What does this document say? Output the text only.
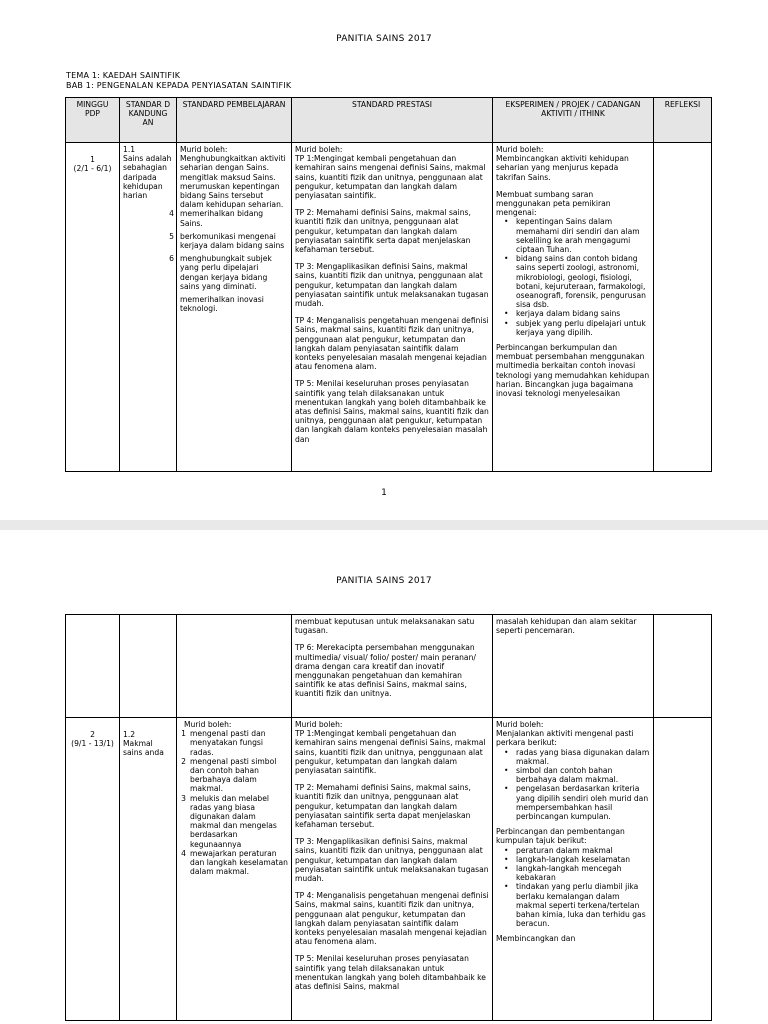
PANITIA SAINS 2017
TEMA 1: KAEDAH SAINTIFIK
BAB 1: PENGENALAN KEPADA PENYIASATAN SAINTIFIK
MINGGU PDP
STANDAR D KANDUNG AN
STANDARD PEMBELAJARAN	STANDARD PRESTASI	EKSPERIMEN / PROJEK / CADANGAN AKTIVITI / ITHINK
REFLEKSI
1
(2/1 - 6/1)
1.1
Sains adalah sebahagian daripada kehidupan harian
Murid boleh:
Menghubungkaitkan aktiviti seharian dengan Sains.
mengitlak maksud Sains.
merumuskan kepentingan bidang Sains tersebut dalam kehidupan seharian.
4 memerihalkan bidang Sains.
5 berkomunikasi mengenai kerjaya dalam bidang sains
6 menghubungkait subjek yang perlu dipelajari dengan kerjaya bidang sains yang diminati.
memerihalkan inovasi teknologi.
Murid boleh:
TP 1:Mengingat kembali pengetahuan dan kemahiran sains mengenai definisi Sains, makmal sains, kuantiti fizik dan unitnya, penggunaan alat pengukur, ketumpatan dan langkah dalam penyiasatan saintifik.
TP 2: Memahami definisi Sains, makmal sains, kuantiti fizik dan unitnya, penggunaan alat pengukur, ketumpatan dan langkah dalam penyiasatan saintifik serta dapat menjelaskan kefahaman tersebut.
TP 3: Mengaplikasikan definisi Sains, makmal sains, kuantiti fizik dan unitnya, penggunaan alat pengukur, ketumpatan dan langkah dalam penyiasatan saintifik untuk melaksanakan tugasan mudah.
TP 4: Menganalisis pengetahuan mengenai definisi Sains, makmal sains, kuantiti fizik dan unitnya, penggunaan alat pengukur, ketumpatan dan langkah dalam penyiasatan saintifik dalam konteks penyelesaian masalah mengenai kejadian atau fenomena alam.
TP 5: Menilai keseluruhan proses penyiasatan saintifik yang telah dilaksanakan untuk menentukan langkah yang boleh ditambahbaik ke atas definisi Sains, makmal sains, kuantiti fizik dan unitnya, penggunaan alat pengukur, ketumpatan dan langkah dalam konteks penyelesaian masalah dan
Murid boleh:
Membincangkan aktiviti kehidupan seharian yang menjurus kepada takrifan Sains.
Membuat sumbang saran menggunakan peta pemikiran mengenai:
• kepentingan Sains dalam memahami diri sendiri dan alam sekeliling ke arah mengagumi ciptaan Tuhan.
• bidang sains dan contoh bidang sains seperti zoologi, astronomi, mikrobiologi, geologi, fisiologi, botani, kejuruteraan, farmakologi, oseanografi, forensik, pengurusan sisa dsb.
• kerjaya dalam bidang sains
• subjek yang perlu dipelajari untuk kerjaya yang dipilih.
Perbincangan berkumpulan dan membuat persembahan menggunakan multimedia berkaitan contoh inovasi teknologi yang memudahkan kehidupan harian. Bincangkan juga bagaimana inovasi teknologi menyelesaikan
1
PANITIA SAINS 2017
membuat keputusan untuk melaksanakan satu tugasan.
TP 6: Merekacipta persembahan menggunakan multimedia/ visual/ folio/ poster/ main peranan/ drama dengan cara kreatif dan inovatif menggunakan pengetahuan dan kemahiran saintifik ke atas definisi Sains, makmal sains, kuantiti fizik dan unitnya.
masalah kehidupan dan alam sekitar seperti pencemaran.
2
(9/1 - 13/1)
1.2
Makmal sains anda
Murid boleh:
1 mengenal pasti dan menyatakan fungsi radas.
2 mengenal pasti simbol dan contoh bahan berbahaya dalam makmal.
3 melukis dan melabel radas yang biasa digunakan dalam makmal dan mengelas berdasarkan kegunaannya
4 mewajarkan peraturan dan langkah keselamatan dalam makmal.
Murid boleh:
TP 1:Mengingat kembali pengetahuan dan kemahiran sains mengenai definisi Sains, makmal sains, kuantiti fizik dan unitnya, penggunaan alat pengukur, ketumpatan dan langkah dalam penyiasatan saintifik.
TP 2: Memahami definisi Sains, makmal sains, kuantiti fizik dan unitnya, penggunaan alat pengukur, ketumpatan dan langkah dalam penyiasatan saintifik serta dapat menjelaskan kefahaman tersebut.
TP 3: Mengaplikasikan definisi Sains, makmal sains, kuantiti fizik dan unitnya, penggunaan alat pengukur, ketumpatan dan langkah dalam penyiasatan saintifik untuk melaksanakan tugasan mudah.
TP 4: Menganalisis pengetahuan mengenai definisi Sains, makmal sains, kuantiti fizik dan unitnya, penggunaan alat pengukur, ketumpatan dan langkah dalam penyiasatan saintifik dalam konteks penyelesaian masalah mengenai kejadian atau fenomena alam.
TP 5: Menilai keseluruhan proses penyiasatan saintifik yang telah dilaksanakan untuk menentukan langkah yang boleh ditambahbaik ke atas definisi Sains, makmal
Murid boleh:
Menjalankan aktiviti mengenal pasti perkara berikut:
• radas yang biasa digunakan dalam makmal.
• simbol dan contoh bahan berbahaya dalam makmal.
• pengelasan berdasarkan kriteria yang dipilih sendiri oleh murid dan mempersembahkan hasil perbincangan kumpulan.
Perbincangan dan pembentangan kumpulan tajuk berikut:
• peraturan dalam makmal
• langkah-langkah keselamatan
• langkah-langkah mencegah kebakaran
• tindakan yang perlu diambil jika berlaku kemalangan dalam makmal seperti terkena/tertelan bahan kimia, luka dan terhidu gas beracun.
Membincangkan dan
